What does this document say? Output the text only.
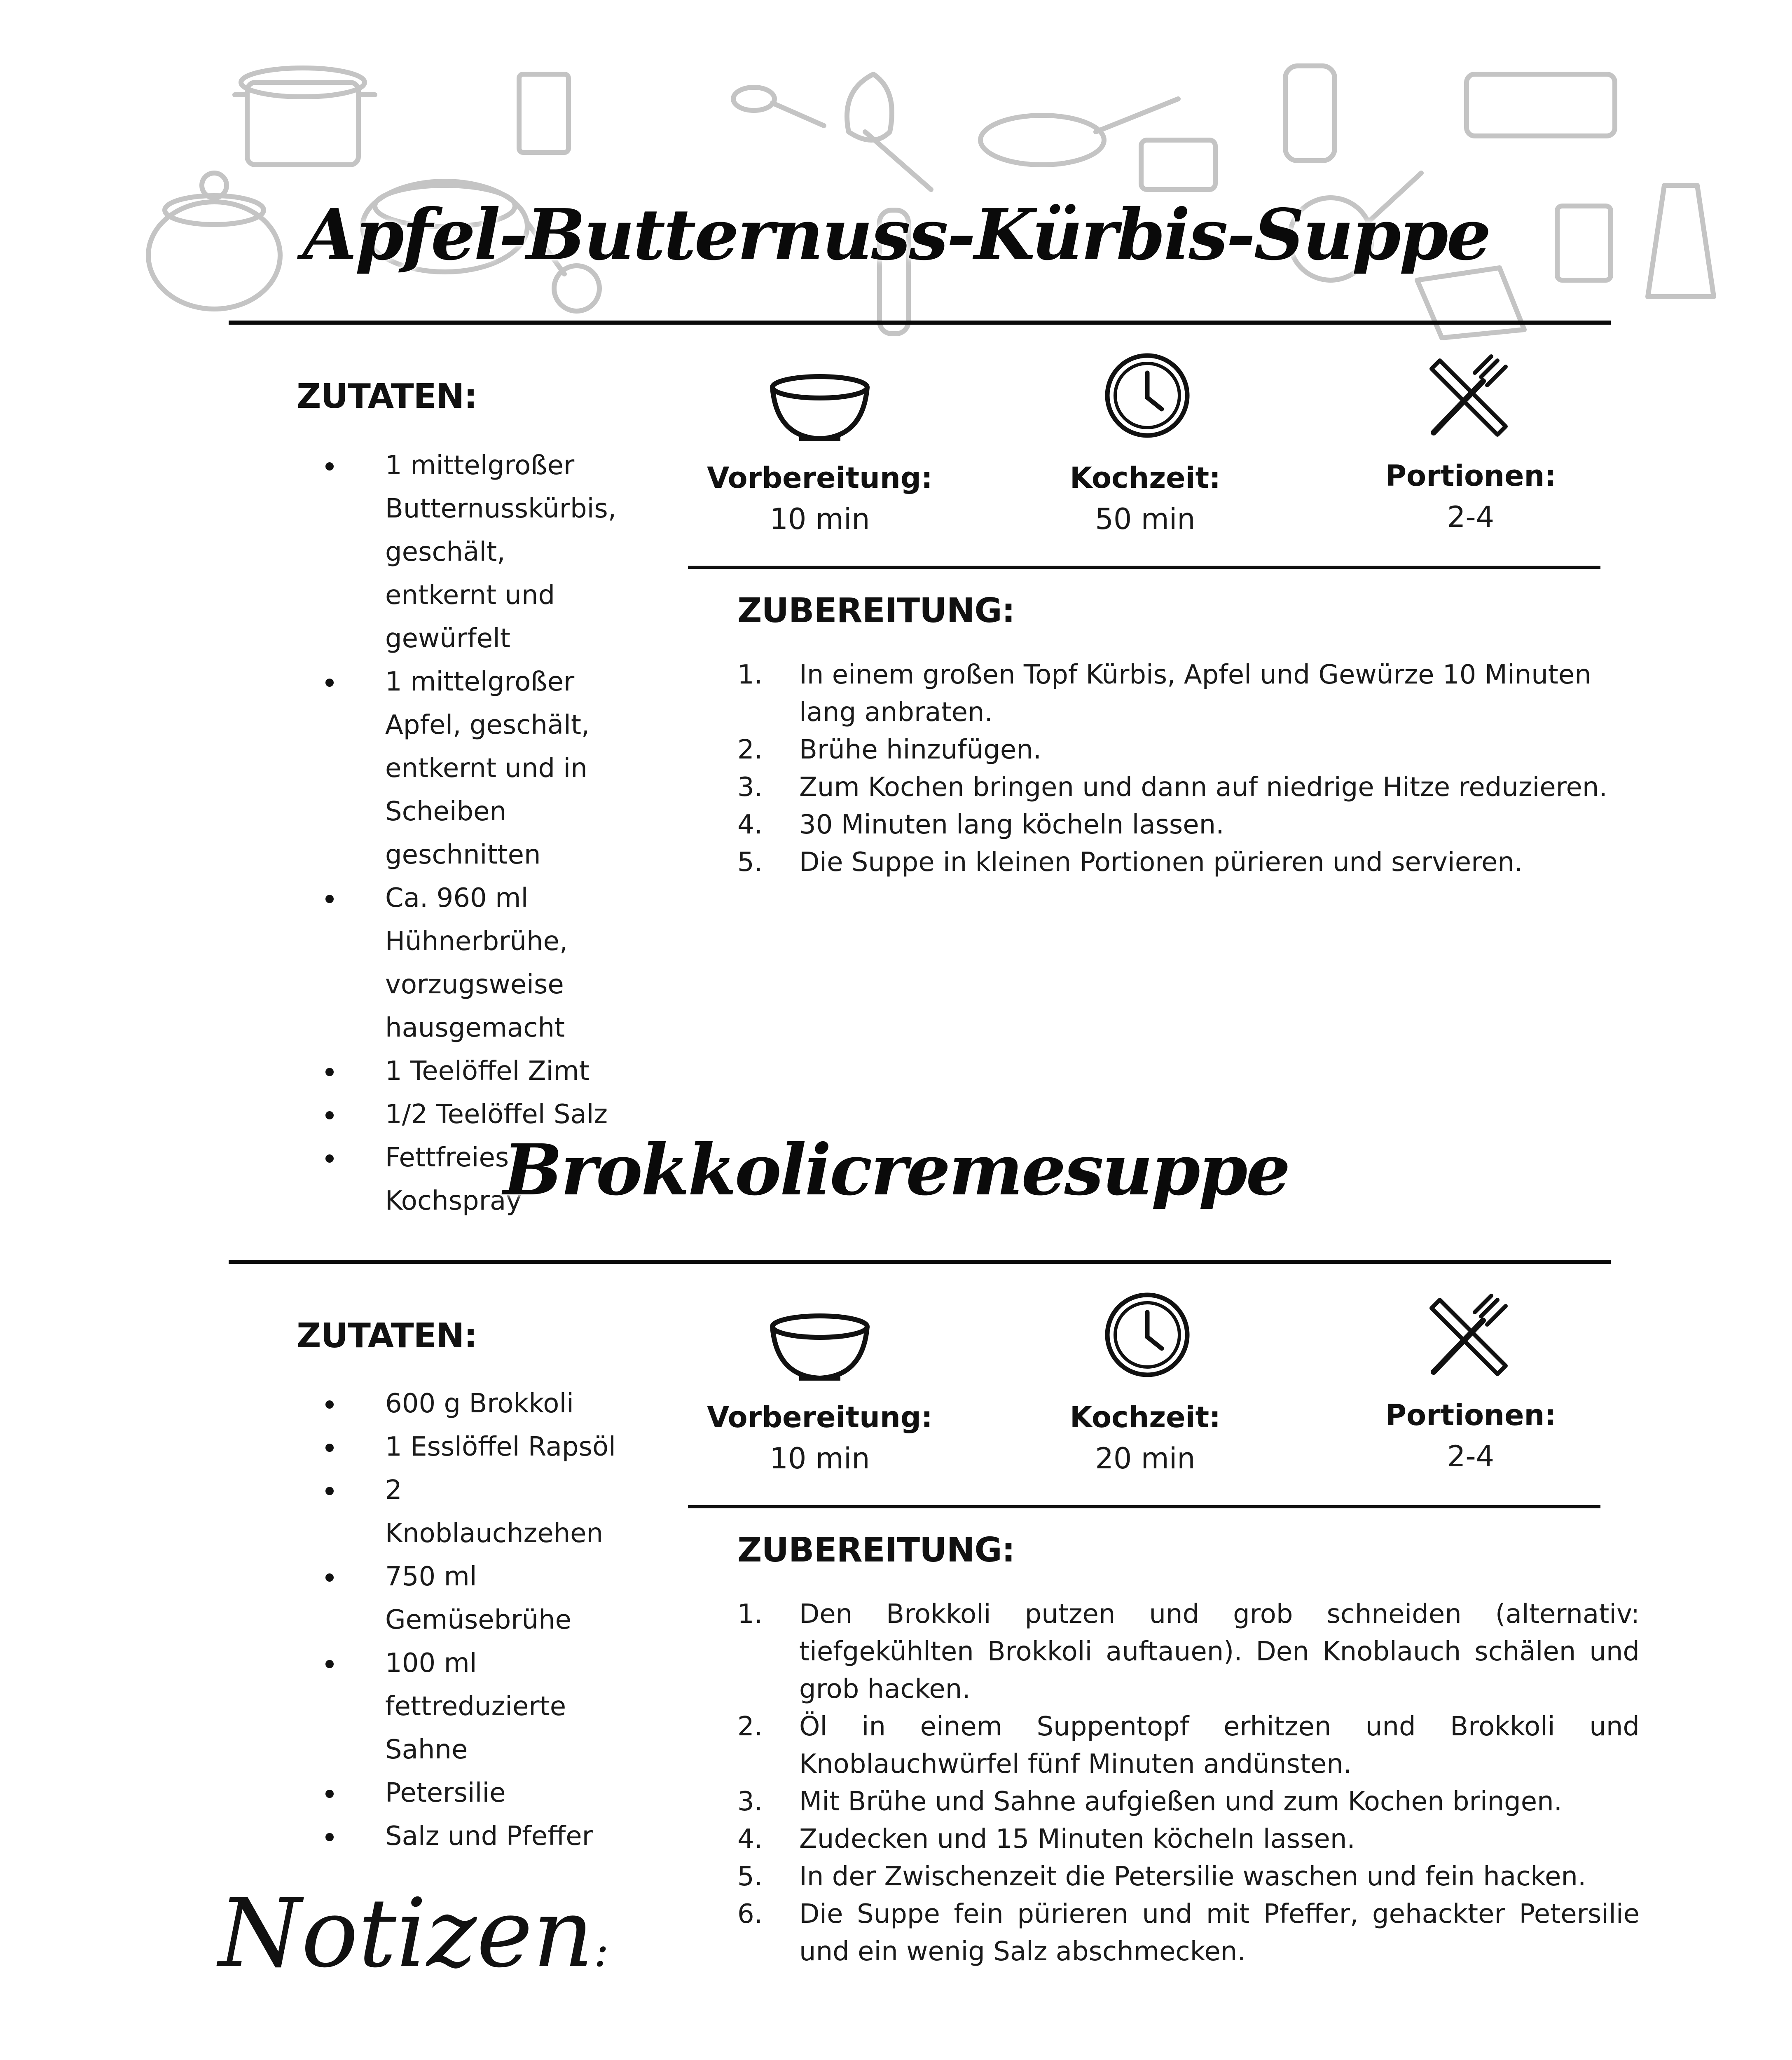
Apfel-Butternuss-Kürbis-Suppe
ZUTATEN:
1 mittelgroßer Butternusskürbis, geschält, entkernt und gewürfelt
1 mittelgroßer Apfel, geschält, entkernt und in Scheiben geschnitten
Ca. 960 ml Hühnerbrühe, vorzugsweise hausgemacht
1 Teelöffel Zimt
1/2 Teelöffel Salz
Fettfreies Kochspray
Vorbereitung:
10 min
Kochzeit:
50 min
Portionen:
2-4
ZUBEREITUNG:
1. In einem großen Topf Kürbis, Apfel und Gewürze 10 Minuten lang anbraten.
2. Brühe hinzufügen.
3. Zum Kochen bringen und dann auf niedrige Hitze reduzieren.
4. 30 Minuten lang köcheln lassen.
5. Die Suppe in kleinen Portionen pürieren und servieren.
Brokkolicremesuppe
ZUTATEN:
600 g Brokkoli
1 Esslöffel Rapsöl
2 Knoblauchzehen
750 ml Gemüsebrühe
100 ml fettreduzierte Sahne
Petersilie
Salz und Pfeffer
Vorbereitung:
10 min
Kochzeit:
20 min
Portionen:
2-4
ZUBEREITUNG:
1. Den Brokkoli putzen und grob schneiden (alternativ: tiefgekühlten Brokkoli auftauen). Den Knoblauch schälen und grob hacken.
2. Öl in einem Suppentopf erhitzen und Brokkoli und Knoblauchwürfel fünf Minuten andünsten.
3. Mit Brühe und Sahne aufgießen und zum Kochen bringen.
4. Zudecken und 15 Minuten köcheln lassen.
5. In der Zwischenzeit die Petersilie waschen und fein hacken.
6. Die Suppe fein pürieren und mit Pfeffer, gehackter Petersilie und ein wenig Salz abschmecken.
Notizen:
